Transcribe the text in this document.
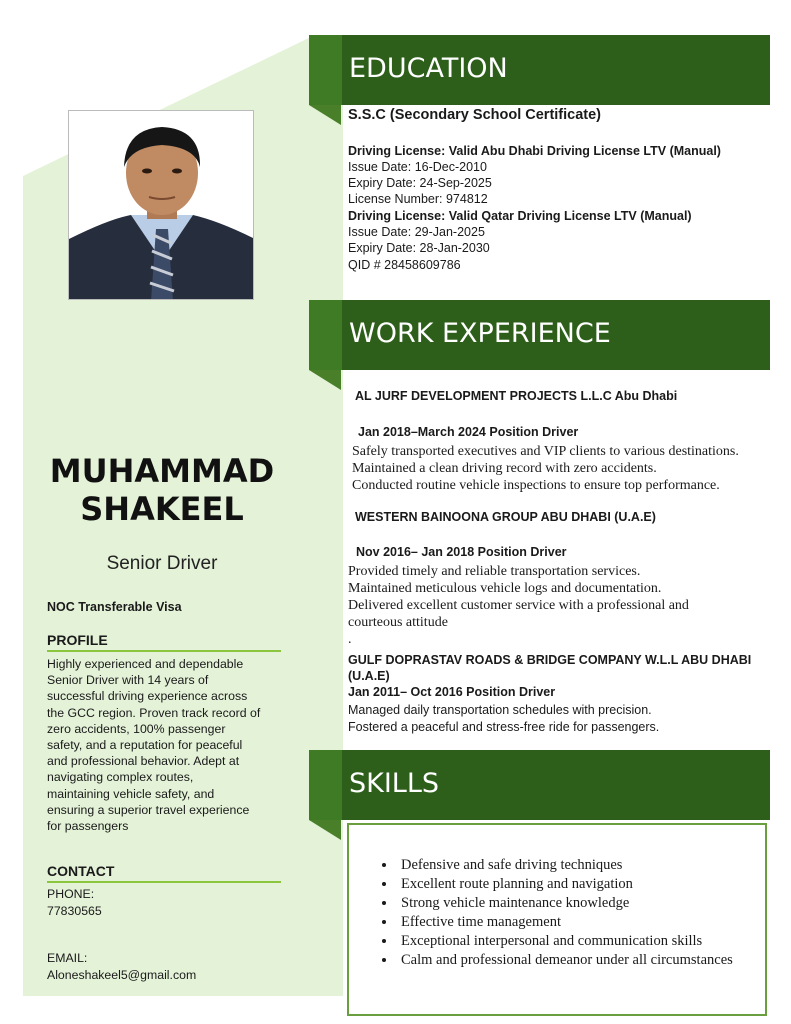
MUHAMMAD
SHAKEEL
Senior Driver
NOC Transferable Visa
PROFILE
Highly experienced and dependable
Senior Driver with 14 years of
successful driving experience across
the GCC region. Proven track record of
zero accidents, 100% passenger
safety, and a reputation for peaceful
and professional behavior. Adept at
navigating complex routes,
maintaining vehicle safety, and
ensuring a superior travel experience
for passengers
CONTACT
PHONE:
77830565
EMAIL:
Aloneshakeel5@gmail.com
EDUCATION
S.S.C (Secondary School Certificate)
Driving License: Valid Abu Dhabi Driving License LTV (Manual)
Issue Date: 16-Dec-2010
Expiry Date: 24-Sep-2025
License Number: 974812
Driving License: Valid Qatar Driving License LTV (Manual)
Issue Date: 29-Jan-2025
Expiry Date: 28-Jan-2030
QID # 28458609786
WORK EXPERIENCE
AL JURF DEVELOPMENT PROJECTS L.L.C Abu Dhabi
Jan 2018–March 2024 Position Driver
Safely transported executives and VIP clients to various destinations.
Maintained a clean driving record with zero accidents.
Conducted routine vehicle inspections to ensure top performance.
WESTERN BAINOONA GROUP ABU DHABI (U.A.E)
Nov 2016– Jan 2018 Position Driver
Provided timely and reliable transportation services.
Maintained meticulous vehicle logs and documentation.
Delivered excellent customer service with a professional and
courteous attitude
.
GULF DOPRASTAV ROADS & BRIDGE COMPANY W.L.L ABU DHABI
(U.A.E)
Jan 2011– Oct 2016 Position Driver
Managed daily transportation schedules with precision.
Fostered a peaceful and stress-free ride for passengers.
SKILLS
• Defensive and safe driving techniques
• Excellent route planning and navigation
• Strong vehicle maintenance knowledge
• Effective time management
• Exceptional interpersonal and communication skills
• Calm and professional demeanor under all circumstances
